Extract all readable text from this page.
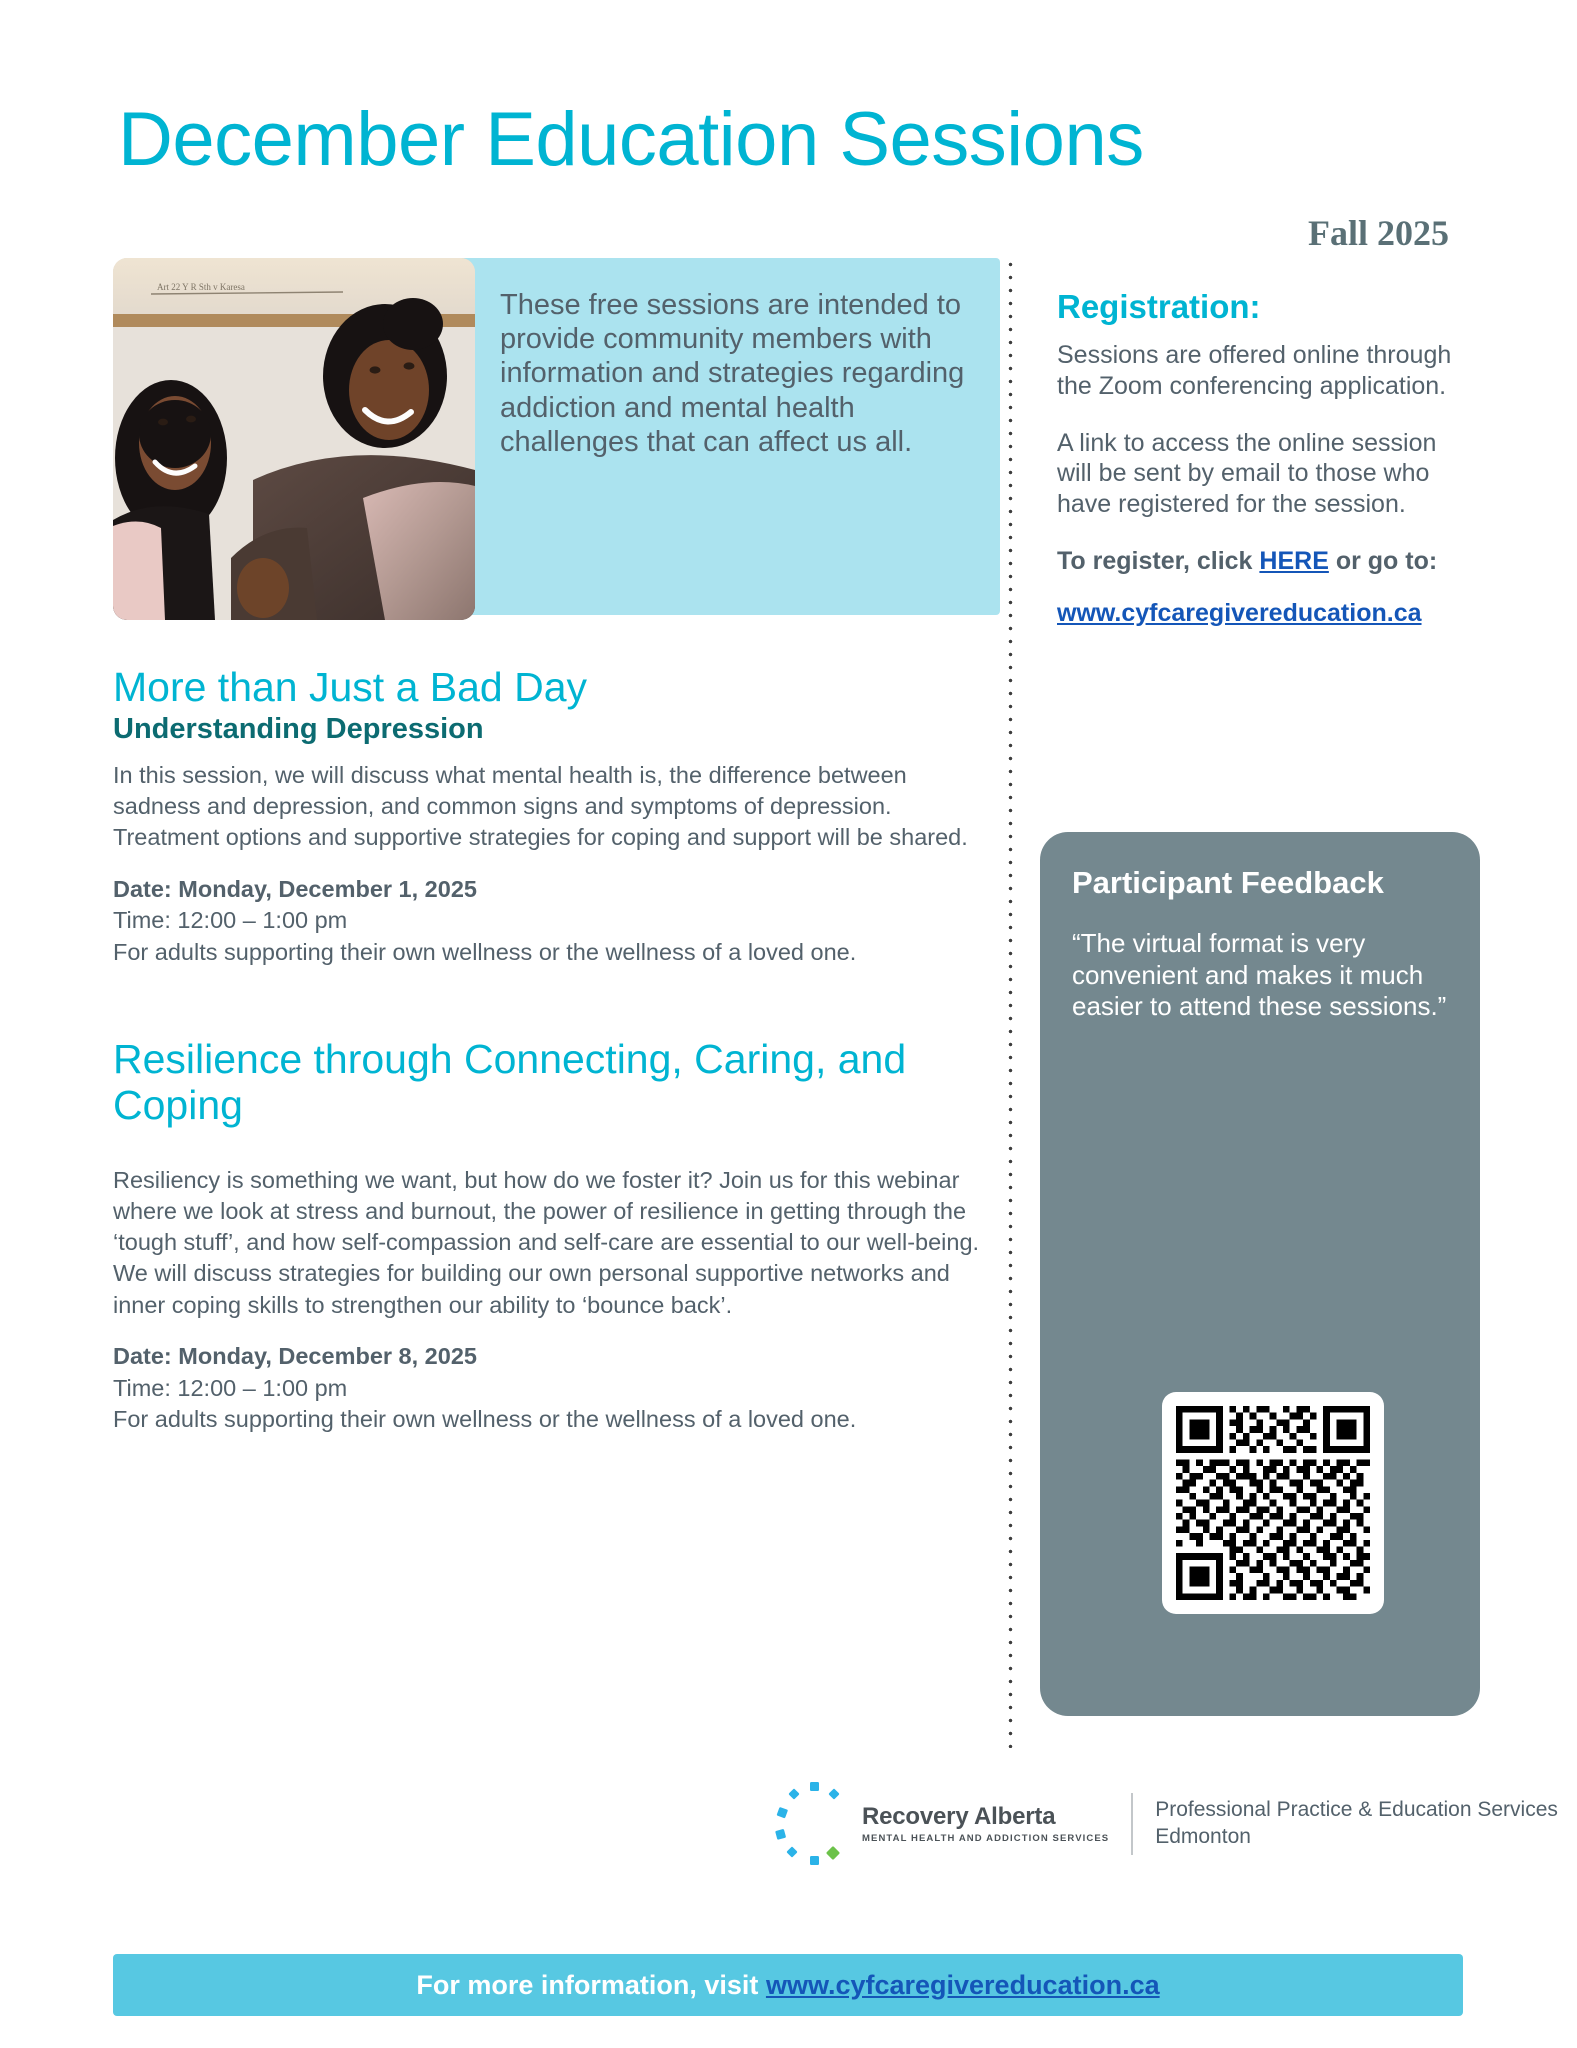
December Education Sessions
Fall 2025
Art 22 Y R Sth v Karesa
These free sessions are intended to provide community members with information and strategies regarding addiction and mental health challenges that can affect us all.
More than Just a Bad Day
Understanding Depression
In this session, we will discuss what mental health is, the difference between sadness and depression, and common signs and symptoms of depression. Treatment options and supportive strategies for coping and support will be shared.
Date: Monday, December 1, 2025
Time: 12:00 – 1:00 pm
For adults supporting their own wellness or the wellness of a loved one.
Resilience through Connecting, Caring, and Coping
Resiliency is something we want, but how do we foster it? Join us for this webinar where we look at stress and burnout, the power of resilience in getting through the ‘tough stuff’, and how self-compassion and self-care are essential to our well-being. We will discuss strategies for building our own personal supportive networks and inner coping skills to strengthen our ability to ‘bounce back’.
Date: Monday, December 8, 2025
Time: 12:00 – 1:00 pm
For adults supporting their own wellness or the wellness of a loved one.
Registration:
Sessions are offered online through the Zoom conferencing application.
A link to access the online session will be sent by email to those who have registered for the session.
To register, click HERE or go to:
www.cyfcaregivereducation.ca
Participant Feedback
“The virtual format is very convenient and makes it much easier to attend these sessions.”
Recovery Alberta
MENTAL HEALTH AND ADDICTION SERVICES
Professional Practice & Education Services
Edmonton
For more information, visit www.cyfcaregivereducation.ca
